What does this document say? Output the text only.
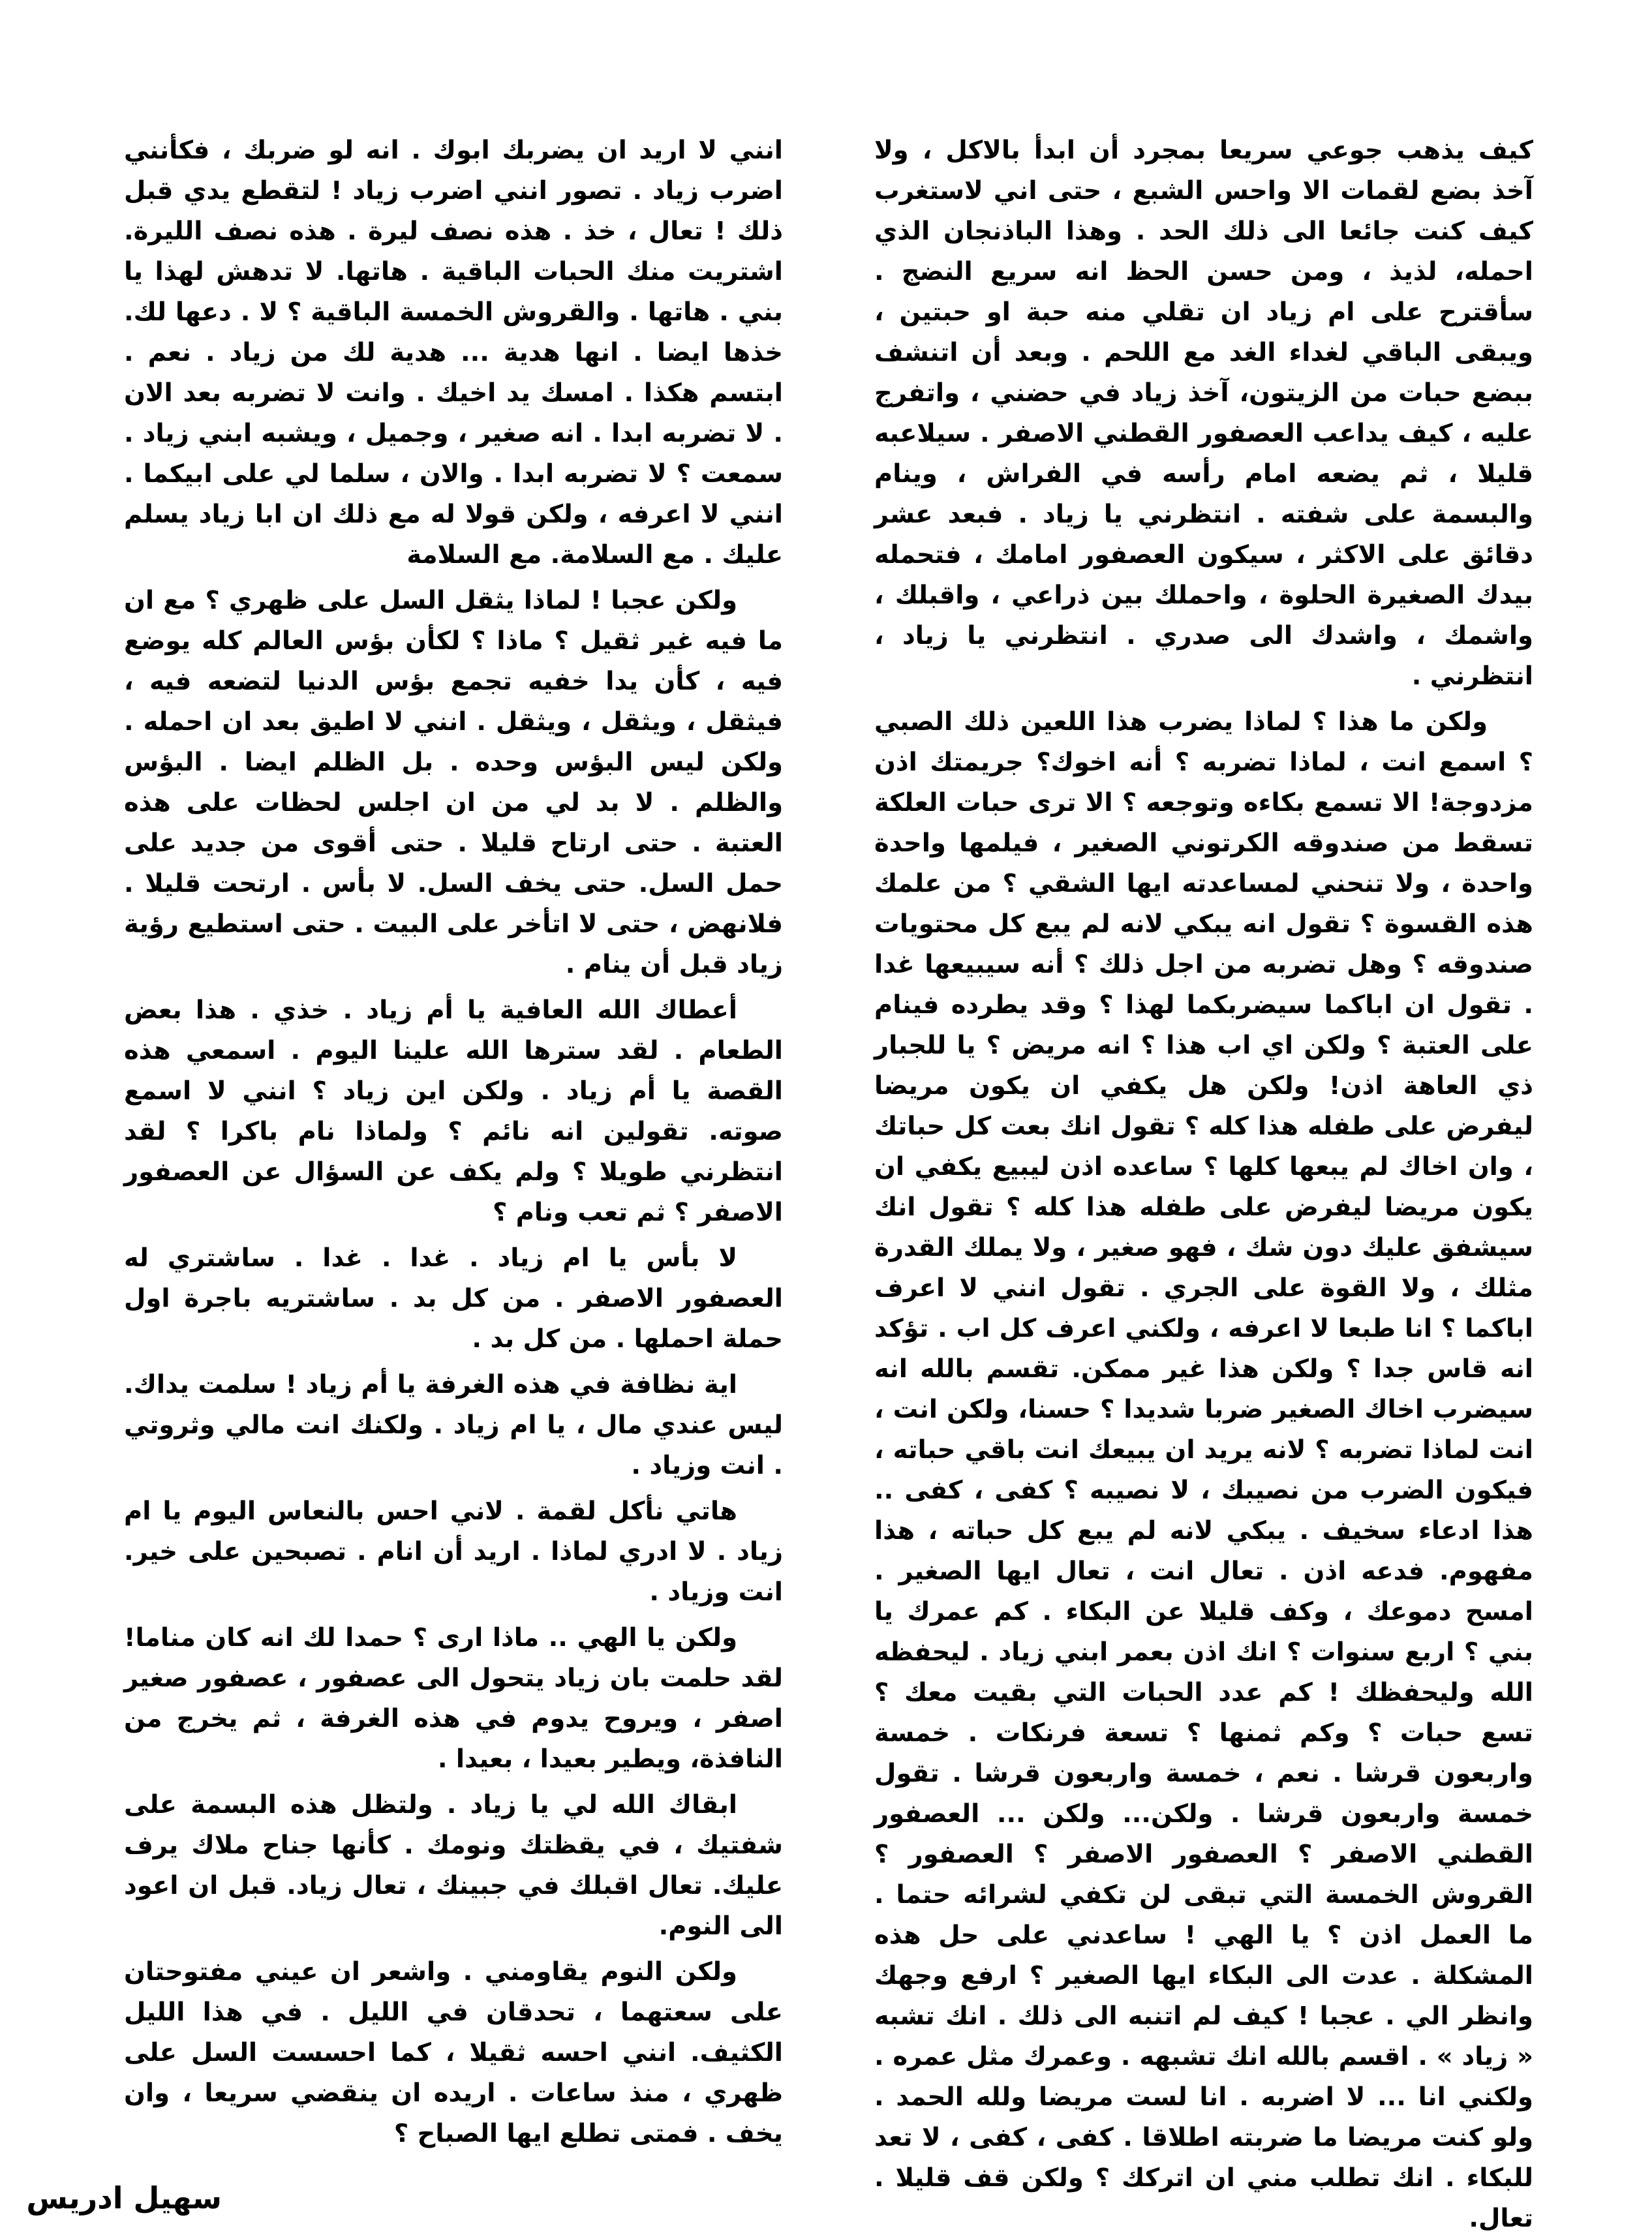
كيف يذهب جوعي سريعا بمجرد أن ابدأ بالاكل ، ولا آخذ بضع لقمات الا واحس الشبع ، حتى اني لاستغرب كيف كنت جائعا الى ذلك الحد . وهذا الباذنجان الذي احمله، لذيذ ، ومن حسن الحظ انه سريع النضج . سأقترح على ام زياد ان تقلي منه حبة او حبتين ، ويبقى الباقي لغداء الغد مع اللحم . وبعد أن اتنشف ببضع حبات من الزيتون، آخذ زياد في حضني ، واتفرج عليه ، كيف يداعب العصفور القطني الاصفر . سيلاعبه قليلا ، ثم يضعه امام رأسه في الفراش ، وينام والبسمة على شفته . انتظرني يا زياد . فبعد عشر دقائق على الاكثر ، سيكون العصفور امامك ، فتحمله بيدك الصغيرة الحلوة ، واحملك بين ذراعي ، واقبلك ، واشمك ، واشدك الى صدري . انتظرني يا زياد ، انتظرني .

ولكن ما هذا ؟ لماذا يضرب هذا اللعين ذلك الصبي ؟ اسمع انت ، لماذا تضربه ؟ أنه اخوك؟ جريمتك اذن مزدوجة! الا تسمع بكاءه وتوجعه ؟ الا ترى حبات العلكة تسقط من صندوقه الكرتوني الصغير ، فيلمها واحدة واحدة ، ولا تنحني لمساعدته ايها الشقي ؟ من علمك هذه القسوة ؟ تقول انه يبكي لانه لم يبع كل محتويات صندوقه ؟ وهل تضربه من اجل ذلك ؟ أنه سيبيعها غدا . تقول ان اباكما سيضربكما لهذا ؟ وقد يطرده فينام على العتبة ؟ ولكن اي اب هذا ؟ انه مريض ؟ يا للجبار ذي العاهة اذن! ولكن هل يكفي ان يكون مريضا ليفرض على طفله هذا كله ؟ تقول انك بعت كل حباتك ، وان اخاك لم يبعها كلها ؟ ساعده اذن ليبيع يكفي ان يكون مريضا ليفرض على طفله هذا كله ؟ تقول انك سيشفق عليك دون شك ، فهو صغير ، ولا يملك القدرة مثلك ، ولا القوة على الجري . تقول انني لا اعرف اباكما ؟ انا طبعا لا اعرفه ، ولكني اعرف كل اب . تؤكد انه قاس جدا ؟ ولكن هذا غير ممكن. تقسم بالله انه سيضرب اخاك الصغير ضربا شديدا ؟ حسنا، ولكن انت ، انت لماذا تضربه ؟ لانه يريد ان يبيعك انت باقي حباته ، فيكون الضرب من نصيبك ، لا نصيبه ؟ كفى ، كفى .. هذا ادعاء سخيف . يبكي لانه لم يبع كل حباته ، هذا مفهوم. فدعه اذن . تعال انت ، تعال ايها الصغير . امسح دموعك ، وكف قليلا عن البكاء . كم عمرك يا بني ؟ اربع سنوات ؟ انك اذن بعمر ابني زياد . ليحفظه الله وليحفظك ! كم عدد الحبات التي بقيت معك ؟ تسع حبات ؟ وكم ثمنها ؟ تسعة فرنكات . خمسة واربعون قرشا . نعم ، خمسة واربعون قرشا . تقول خمسة واربعون قرشا . ولكن... ولكن ... العصفور القطني الاصفر ؟ العصفور الاصفر ؟ العصفور ؟ القروش الخمسة التي تبقى لن تكفي لشرائه حتما . ما العمل اذن ؟ يا الهي ! ساعدني على حل هذه المشكلة . عدت الى البكاء ايها الصغير ؟ ارفع وجهك وانظر الي . عجبا ! كيف لم اتنبه الى ذلك . انك تشبه « زياد » . اقسم بالله انك تشبهه . وعمرك مثل عمره . ولكني انا ... لا اضربه . انا لست مريضا ولله الحمد . ولو كنت مريضا ما ضربته اطلاقا . كفى ، كفى ، لا تعد للبكاء . انك تطلب مني ان اتركك ؟ ولكن قف قليلا . تعال.

انني لا اريد ان يضربك ابوك . انه لو ضربك ، فكأنني اضرب زياد . تصور انني اضرب زياد ! لتقطع يدي قبل ذلك ! تعال ، خذ . هذه نصف ليرة . هذه نصف الليرة. اشتريت منك الحبات الباقية . هاتها. لا تدهش لهذا يا بني . هاتها . والقروش الخمسة الباقية ؟ لا . دعها لك. خذها ايضا . انها هدية ... هدية لك من زياد . نعم . ابتسم هكذا . امسك يد اخيك . وانت لا تضربه بعد الان . لا تضربه ابدا . انه صغير ، وجميل ، ويشبه ابني زياد . سمعت ؟ لا تضربه ابدا . والان ، سلما لي على ابيكما . انني لا اعرفه ، ولكن قولا له مع ذلك ان ابا زياد يسلم عليك . مع السلامة. مع السلامة

ولكن عجبا ! لماذا يثقل السل على ظهري ؟ مع ان ما فيه غير ثقيل ؟ ماذا ؟ لكأن بؤس العالم كله يوضع فيه ، كأن يدا خفيه تجمع بؤس الدنيا لتضعه فيه ، فيثقل ، ويثقل ، ويثقل . انني لا اطيق بعد ان احمله . ولكن ليس البؤس وحده . بل الظلم ايضا . البؤس والظلم . لا بد لي من ان اجلس لحظات على هذه العتبة . حتى ارتاح قليلا . حتى أقوى من جديد على حمل السل. حتى يخف السل. لا بأس . ارتحت قليلا . فلانهض ، حتى لا اتأخر على البيت . حتى استطيع رؤية زياد قبل أن ينام .

أعطاك الله العافية يا أم زياد . خذي . هذا بعض الطعام . لقد سترها الله علينا اليوم . اسمعي هذه القصة يا أم زياد . ولكن اين زياد ؟ انني لا اسمع صوته. تقولين انه نائم ؟ ولماذا نام باكرا ؟ لقد انتظرني طويلا ؟ ولم يكف عن السؤال عن العصفور الاصفر ؟ ثم تعب ونام ؟

لا بأس يا ام زياد . غدا . غدا . ساشتري له العصفور الاصفر . من كل بد . ساشتريه باجرة اول حملة احملها . من كل بد .

اية نظافة في هذه الغرفة يا أم زياد ! سلمت يداك. ليس عندي مال ، يا ام زياد . ولكنك انت مالي وثروتي . انت وزياد .

هاتي نأكل لقمة . لاني احس بالنعاس اليوم يا ام زياد . لا ادري لماذا . اريد أن انام . تصبحين على خير. انت وزياد .

ولكن يا الهي .. ماذا ارى ؟ حمدا لك انه كان مناما! لقد حلمت بان زياد يتحول الى عصفور ، عصفور صغير اصفر ، ويروح يدوم في هذه الغرفة ، ثم يخرج من النافذة، ويطير بعيدا ، بعيدا .

ابقاك الله لي يا زياد . ولتظل هذه البسمة على شفتيك ، في يقظتك ونومك . كأنها جناح ملاك يرف عليك. تعال اقبلك في جبينك ، تعال زياد. قبل ان اعود الى النوم.

ولكن النوم يقاومني . واشعر ان عيني مفتوحتان على سعتهما ، تحدقان في الليل . في هذا الليل الكثيف. انني احسه ثقيلا ، كما احسست السل على ظهري ، منذ ساعات . اريده ان ينقضي سريعا ، وان يخف . فمتى تطلع ايها الصباح ؟

سهيل ادريس
